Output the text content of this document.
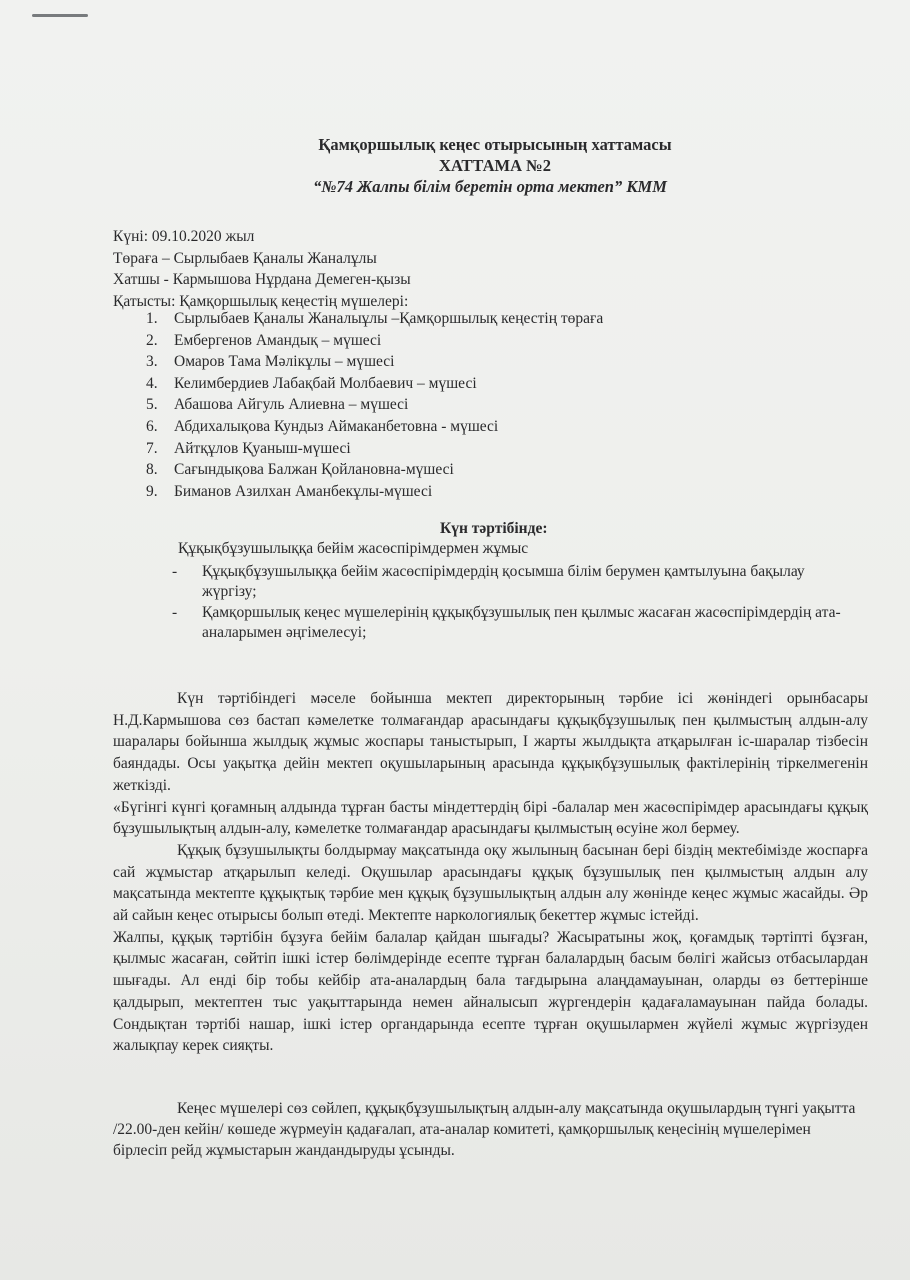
Қамқоршылық кеңес отырысының хаттамасы
ХАТТАМА №2
“№74 Жалпы білім беретін орта мектеп” КММ
Күні: 09.10.2020 жыл
Төраға – Сырлыбаев Қаналы Жаналұлы
Хатшы - Кармышова Нұрдана Демеген-қызы
Қатысты: Қамқоршылық кеңестің мүшелері:
1.	Сырлыбаев Қаналы Жаналыұлы –Қамқоршылық кеңестің төраға
2.	Ембергенов Амандық – мүшесі
3.	Омаров Тама Мәлікұлы – мүшесі
4.	Келимбердиев Лабақбай Молбаевич – мүшесі
5.	Абашова Айгуль Алиевна – мүшесі
6.	Абдихалықова Кундыз Аймаканбетовна - мүшесі
7.	Айтқұлов Қуаныш-мүшесі
8.	Сағындықова Балжан Қойлановна-мүшесі
9.	Биманов Азилхан Аманбекұлы-мүшесі
Күн тәртібінде:
Құқықбұзушылыққа бейім жасөспірімдермен жұмыс
-	Құқықбұзушылыққа бейім жасөспірімдердің қосымша білім берумен қамтылуына бақылау жүргізу;
-	Қамқоршылық кеңес мүшелерінің құқықбұзушылық пен қылмыс жасаған жасөспірімдердің ата-аналарымен әңгімелесуі;

Күн тәртібіндегі мәселе бойынша мектеп директорының тәрбие ісі жөніндегі орынбасары Н.Д.Кармышова сөз бастап кәмелетке толмағандар арасындағы құқықбұзушылық пен қылмыстың алдын-алу шаралары бойынша жылдық жұмыс жоспары таныстырып, І жарты жылдықта атқарылған іс-шаралар тізбесін баяндады. Осы уақытқа дейін мектеп оқушыларының арасында құқықбұзушылық фактілерінің тіркелмегенін жеткізді.

«Бүгінгі күнгі қоғамның алдында тұрған басты міндеттердің бірі -балалар мен жасөспірімдер арасындағы құқық бұзушылықтың алдын-алу, кәмелетке толмағандар арасындағы қылмыстың өсуіне жол бермеу.

Құқық бұзушылықты болдырмау мақсатында оқу жылының басынан бері біздің мектебімізде жоспарға сай жұмыстар атқарылып келеді. Оқушылар арасындағы құқық бұзушылық пен қылмыстың алдын алу мақсатында мектепте құқықтық тәрбие мен құқық бұзушылықтың алдын алу жөнінде кеңес жұмыс жасайды. Әр ай сайын кеңес отырысы болып өтеді. Мектепте наркологиялық бекеттер жұмыс істейді.

Жалпы, құқық тәртібін бұзуға бейім балалар қайдан шығады? Жасыратыны жоқ, қоғамдық тәртіпті бұзған, қылмыс жасаған, сөйтіп ішкі істер бөлімдерінде есепте тұрған балалардың басым бөлігі жайсыз отбасылардан шығады. Ал енді бір тобы кейбір ата-аналардың бала тағдырына алаңдамауынан, оларды өз беттерінше қалдырып, мектептен тыс уақыттарында немен айналысып жүргендерін қадағаламауынан пайда болады. Сондықтан тәртібі нашар, ішкі істер органдарында есепте тұрған оқушылармен жүйелі жұмыс жүргізуден жалықпау керек сияқты.

Кеңес мүшелері сөз сөйлеп, құқықбұзушылықтың алдын-алу мақсатында оқушылардың түнгі уақытта /22.00-ден кейін/ көшеде жүрмеуін қадағалап, ата-аналар комитеті, қамқоршылық кеңесінің мүшелерімен бірлесіп рейд жұмыстарын жандандыруды ұсынды.
